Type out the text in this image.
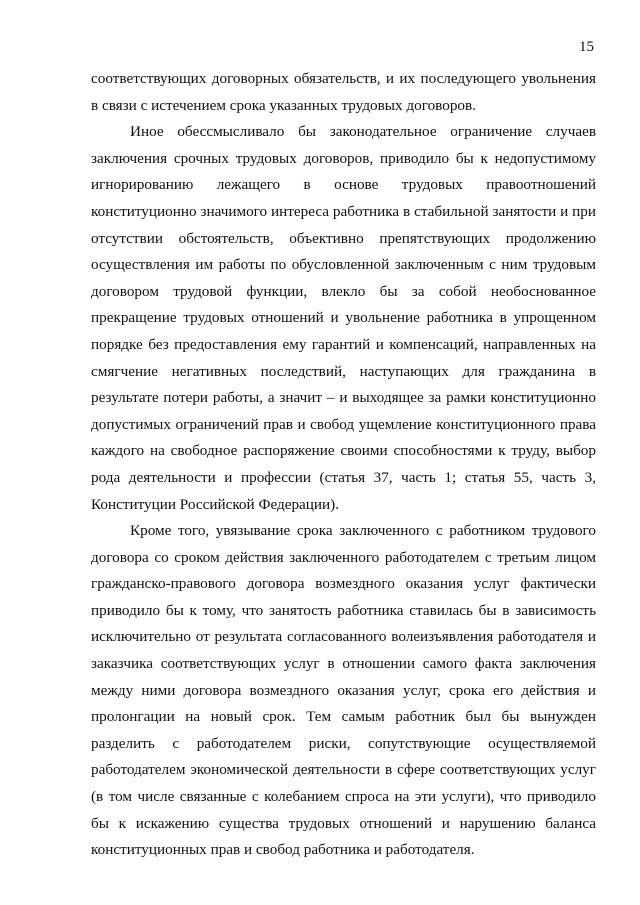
15
соответствующих договорных обязательств, и их последующего увольнения
в связи с истечением срока указанных трудовых договоров.
Иное обессмысливало бы законодательное ограничение случаев
заключения срочных трудовых договоров, приводило бы к недопустимому
игнорированию лежащего в основе трудовых правоотношений
конституционно значимого интереса работника в стабильной занятости и при
отсутствии обстоятельств, объективно препятствующих продолжению
осуществления им работы по обусловленной заключенным с ним трудовым
договором трудовой функции, влекло бы за собой необоснованное
прекращение трудовых отношений и увольнение работника в упрощенном
порядке без предоставления ему гарантий и компенсаций, направленных на
смягчение негативных последствий, наступающих для гражданина в
результате потери работы, а значит – и выходящее за рамки конституционно
допустимых ограничений прав и свобод ущемление конституционного права
каждого на свободное распоряжение своими способностями к труду, выбор
рода деятельности и профессии (статья 37, часть 1; статья 55, часть 3,
Конституции Российской Федерации).
Кроме того, увязывание срока заключенного с работником трудового
договора со сроком действия заключенного работодателем с третьим лицом
гражданско-правового договора возмездного оказания услуг фактически
приводило бы к тому, что занятость работника ставилась бы в зависимость
исключительно от результата согласованного волеизъявления работодателя и
заказчика соответствующих услуг в отношении самого факта заключения
между ними договора возмездного оказания услуг, срока его действия и
пролонгации на новый срок. Тем самым работник был бы вынужден
разделить с работодателем риски, сопутствующие осуществляемой
работодателем экономической деятельности в сфере соответствующих услуг
(в том числе связанные с колебанием спроса на эти услуги), что приводило
бы к искажению существа трудовых отношений и нарушению баланса
конституционных прав и свобод работника и работодателя.
